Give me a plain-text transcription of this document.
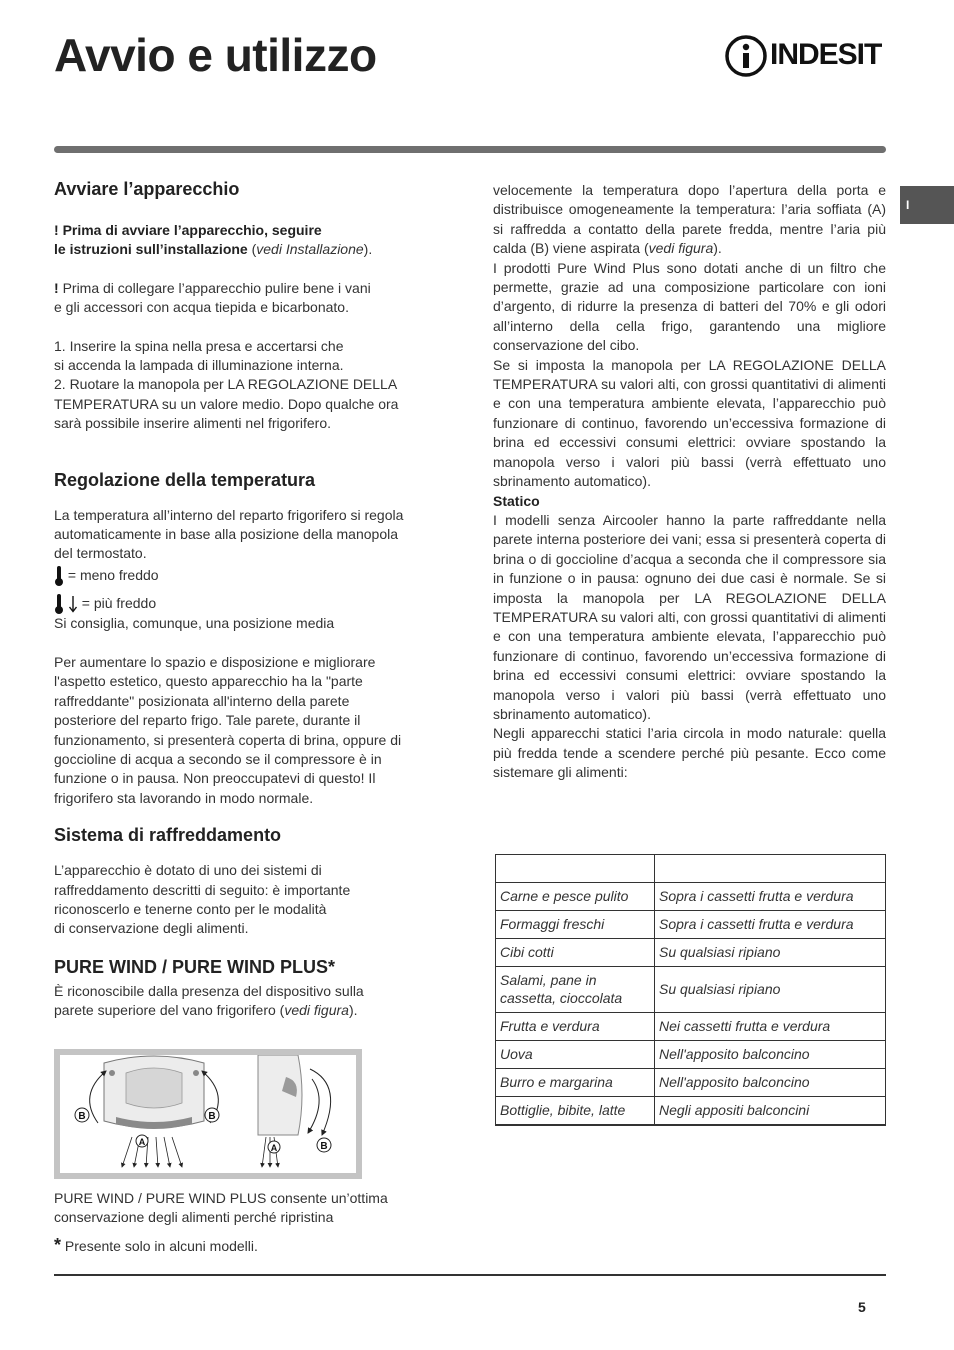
Avvio e utilizzo	INDESIT
I
Avviare l’apparecchio

! Prima di avviare l’apparecchio, seguire
le istruzioni sull’installazione (vedi Installazione).

! Prima di collegare l’apparecchio pulire bene i vani
e gli accessori con acqua tiepida e bicarbonato.

1. Inserire la spina nella presa e accertarsi che
si accenda la lampada di illuminazione interna.
2. Ruotare la manopola per LA REGOLAZIONE DELLA
TEMPERATURA su un valore medio. Dopo qualche ora
sarà possibile inserire alimenti nel frigorifero.

Regolazione della temperatura

La temperatura all’interno del reparto frigorifero si regola
automaticamente in base alla posizione della manopola
del termostato.

= meno freddo

= più freddo

Si consiglia, comunque, una posizione media

Per aumentare lo spazio e disposizione e migliorare
l'aspetto estetico, questo apparecchio ha la "parte
raffreddante" posizionata all'interno della parete
posteriore del reparto frigo. Tale parete, durante il
funzionamento, si presenterà coperta di brina, oppure di
goccioline di acqua a secondo se il compressore è in
funzione o in pausa. Non preoccupatevi di questo! Il
frigorifero sta lavorando in modo normale.

Sistema di raffreddamento

L’apparecchio è dotato di uno dei sistemi di
raffreddamento descritti di seguito: è importante
riconoscerlo e tenerne conto per le modalità
di conservazione degli alimenti.

PURE WIND / PURE WIND PLUS*

È riconoscibile dalla presenza del dispositivo sulla
parete superiore del vano frigorifero (vedi figura).

B	B
A
A	B
PURE WIND / PURE WIND PLUS consente un’ottima
conservazione degli alimenti perché ripristina
* Presente solo in alcuni modelli.

velocemente la temperatura dopo l’apertura della porta e distribuisce omogeneamente la temperatura: l’aria soffiata (A) si raffredda a contatto della parete fredda, mentre l’aria più calda (B) viene aspirata (vedi figura).

I prodotti Pure Wind Plus sono dotati anche di un filtro che permette, grazie ad una composizione particolare con ioni d’argento, di ridurre la presenza di batteri del 70% e gli odori all’interno della cella frigo, garantendo una migliore conservazione del cibo.

Se si imposta la manopola per LA REGOLAZIONE DELLA TEMPERATURA su valori alti, con grossi quantitativi di alimenti e con una temperatura ambiente elevata, l’apparecchio può funzionare di continuo, favorendo un’eccessiva formazione di brina ed eccessivi consumi elettrici: ovviare spostando la manopola verso i valori più bassi (verrà effettuato uno sbrinamento automatico).

Statico

I modelli senza Aircooler hanno la parte raffreddante nella parete interna posteriore dei vani; essa si presenterà coperta di brina o di goccioline d’acqua a seconda che il compressore sia in funzione o in pausa: ognuno dei due casi è normale. Se si imposta la manopola per LA REGOLAZIONE DELLA TEMPERATURA su valori alti, con grossi quantitativi di alimenti e con una temperatura ambiente elevata, l’apparecchio può funzionare di continuo, favorendo un’eccessiva formazione di brina ed eccessivi consumi elettrici: ovviare spostando la manopola verso i valori più bassi (verrà effettuato uno sbrinamento automatico).

Negli apparecchi statici l’aria circola in modo naturale: quella più fredda tende a scendere perché più pesante. Ecco come sistemare gli alimenti:

Carne e pesce pulito	Sopra i cassetti frutta e verdura
Formaggi freschi	Sopra i cassetti frutta e verdura
Cibi cotti	Su qualsiasi ripiano
Salami, pane in cassetta, cioccolata	Su qualsiasi ripiano
Frutta e verdura	Nei cassetti frutta e verdura
Uova	Nell'apposito balconcino
Burro e margarina	Nell'apposito balconcino
Bottiglie, bibite, latte	Negli appositi balconcini
5
